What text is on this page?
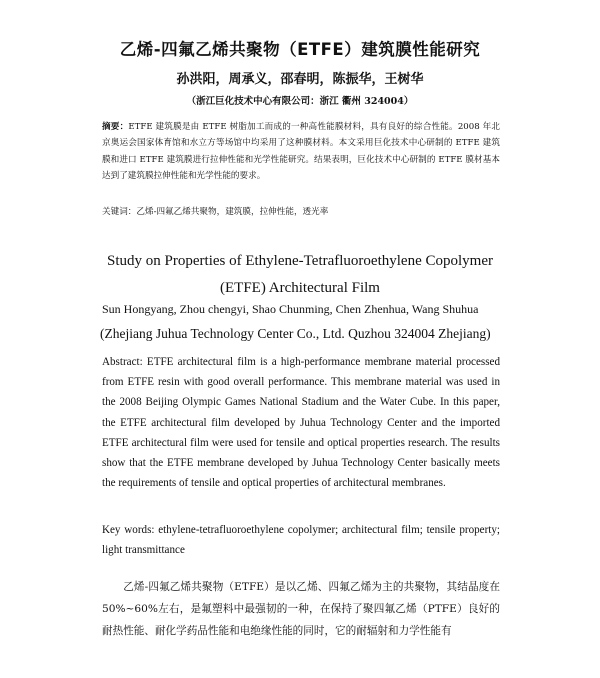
乙烯-四氟乙烯共聚物（ETFE）建筑膜性能研究
孙洪阳，周承义，邵春明，陈振华，王树华
（浙江巨化技术中心有限公司：浙江 衢州 324004）
摘要：ETFE 建筑膜是由 ETFE 树脂加工而成的一种高性能膜材料，具有良好的综合性能。2008 年北京奥运会国家体育馆和水立方等场馆中均采用了这种膜材料。本文采用巨化技术中心研制的 ETFE 建筑膜和进口 ETFE 建筑膜进行拉伸性能和光学性能研究。结果表明，巨化技术中心研制的 ETFE 膜材基本达到了建筑膜拉伸性能和光学性能的要求。
关键词：乙烯-四氟乙烯共聚物，建筑膜，拉伸性能，透光率
Study on Properties of Ethylene-Tetrafluoroethylene Copolymer
(ETFE) Architectural Film
Sun Hongyang, Zhou chengyi, Shao Chunming, Chen Zhenhua, Wang Shuhua
(Zhejiang Juhua Technology Center Co., Ltd. Quzhou 324004 Zhejiang)
Abstract: ETFE architectural film is a high-performance membrane material processed from ETFE resin with good overall performance. This membrane material was used in the 2008 Beijing Olympic Games National Stadium and the Water Cube. In this paper, the ETFE architectural film developed by Juhua Technology Center and the imported ETFE architectural film were used for tensile and optical properties research. The results show that the ETFE membrane developed by Juhua Technology Center basically meets the requirements of tensile and optical properties of architectural membranes.
Key words: ethylene-tetrafluoroethylene copolymer; architectural film; tensile property; light transmittance
乙烯-四氟乙烯共聚物（ETFE）是以乙烯、四氟乙烯为主的共聚物，其结晶度在 50%~60%左右，是氟塑料中最强韧的一种，在保持了聚四氟乙烯（PTFE）良好的耐热性能、耐化学药品性能和电绝缘性能的同时，它的耐辐射和力学性能有
